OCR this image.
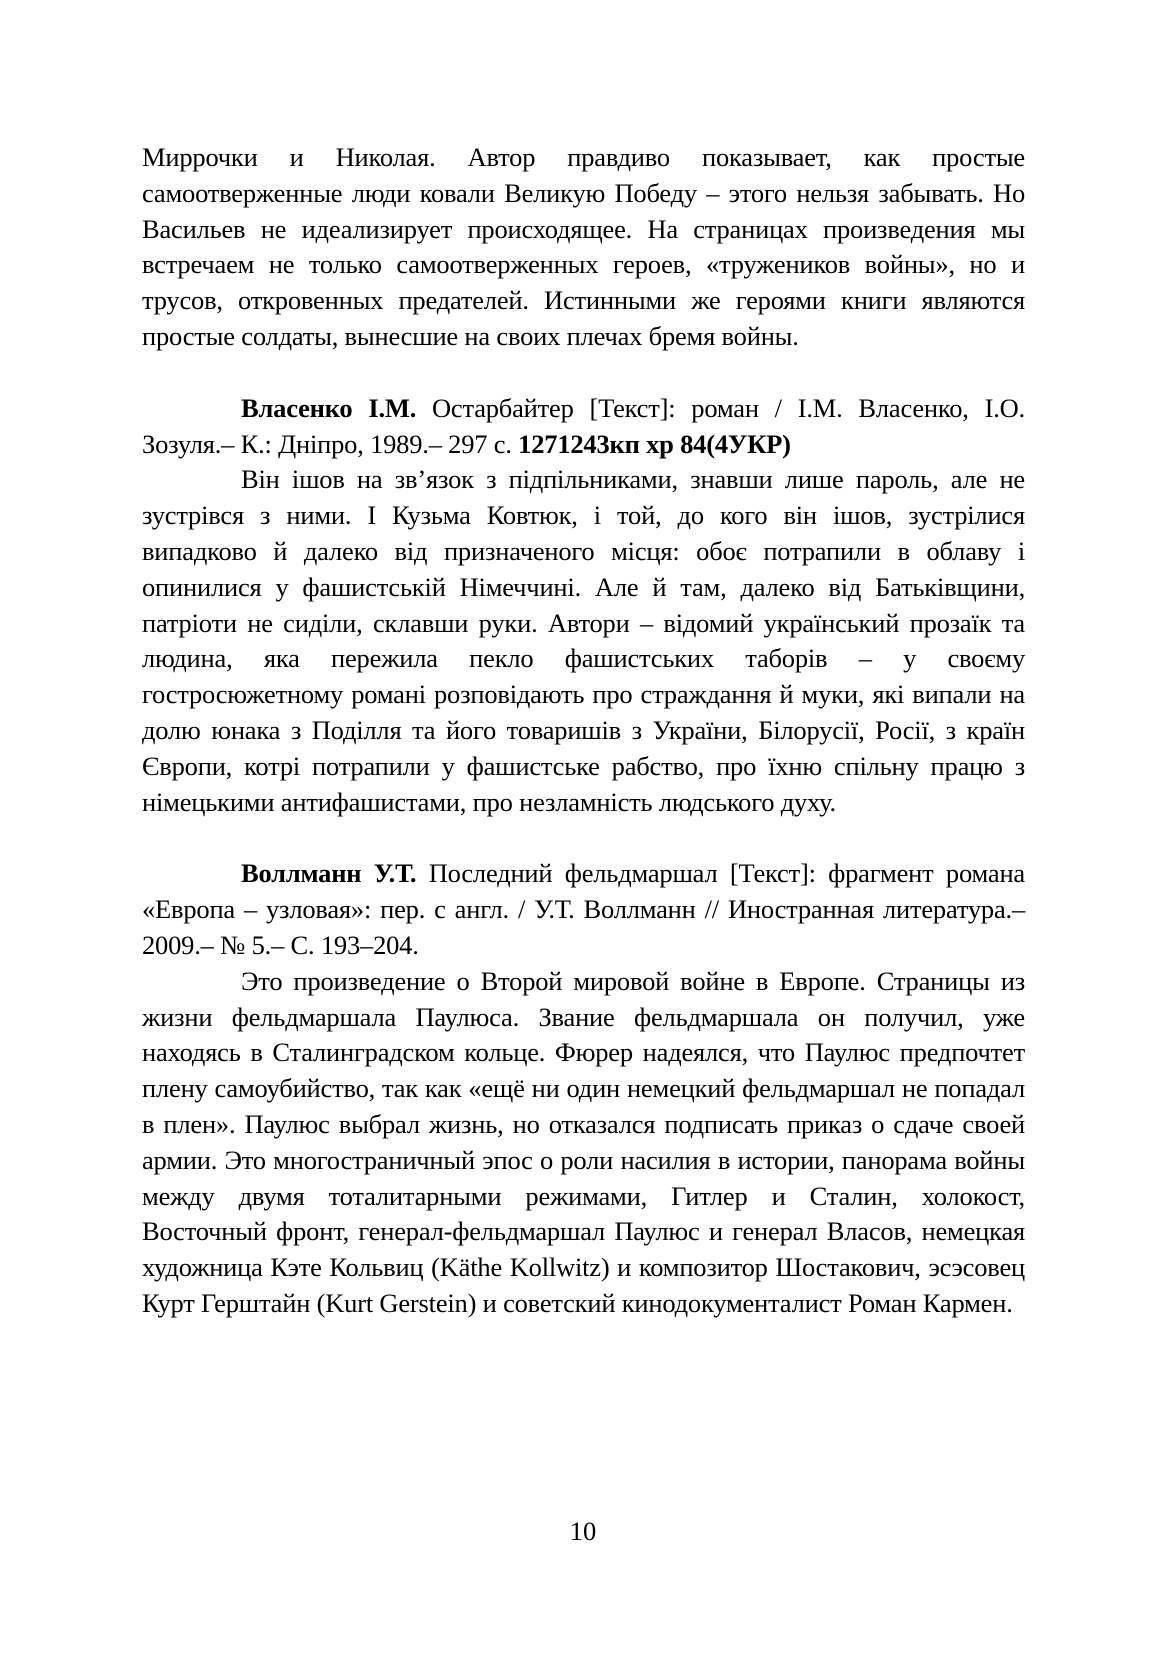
Миррочки и Николая. Автор правдиво показывает, как простые самоотверженные люди ковали Великую Победу – этого нельзя забывать. Но Васильев не идеализирует происходящее. На страницах произведения мы встречаем не только самоотверженных героев, «тружеников войны», но и трусов, откровенных предателей. Истинными же героями книги являются простые солдаты, вынесшие на своих плечах бремя войны.

Власенко І.М. Остарбайтер [Текст]: роман / І.М. Власенко, І.О. Зозуля.– К.: Дніпро, 1989.– 297 с. 1271243кп хр 84(4УКР)

Він ішов на зв’язок з підпільниками, знавши лише пароль, але не зустрівся з ними. І Кузьма Ковтюк, і той, до кого він ішов, зустрілися випадково й далеко від призначеного місця: обоє потрапили в облаву і опинилися у фашистській Німеччині. Але й там, далеко від Батьківщини, патріоти не сиділи, склавши руки. Автори – відомий український прозаїк та людина, яка пережила пекло фашистських таборів – у своєму гостросюжетному романі розповідають про страждання й муки, які випали на долю юнака з Поділля та його товаришів з України, Білорусії, Росії, з країн Європи, котрі потрапили у фашистське рабство, про їхню спільну працю з німецькими антифашистами, про незламність людського духу.

Воллманн У.Т. Последний фельдмаршал [Текст]: фрагмент романа «Европа – узловая»: пер. с англ. / У.Т. Воллманн // Иностранная литература.– 2009.– № 5.– С. 193–204.

Это произведение о Второй мировой войне в Европе. Страницы из жизни фельдмаршала Паулюса. Звание фельдмаршала он получил, уже находясь в Сталинградском кольце. Фюрер надеялся, что Паулюс предпочтет плену самоубийство, так как «ещё ни один немецкий фельдмаршал не попадал в плен». Паулюс выбрал жизнь, но отказался подписать приказ о сдаче своей армии. Это многостраничный эпос о роли насилия в истории, панорама войны между двумя тоталитарными режимами, Гитлер и Сталин, холокост, Восточный фронт, генерал-фельдмаршал Паулюс и генерал Власов, немецкая художница Кэте Кольвиц (Käthe Kollwitz) и композитор Шостакович, эсэсовец Курт Герштайн (Kurt Gerstein) и советский кинодокументалист Роман Кармен.

10
